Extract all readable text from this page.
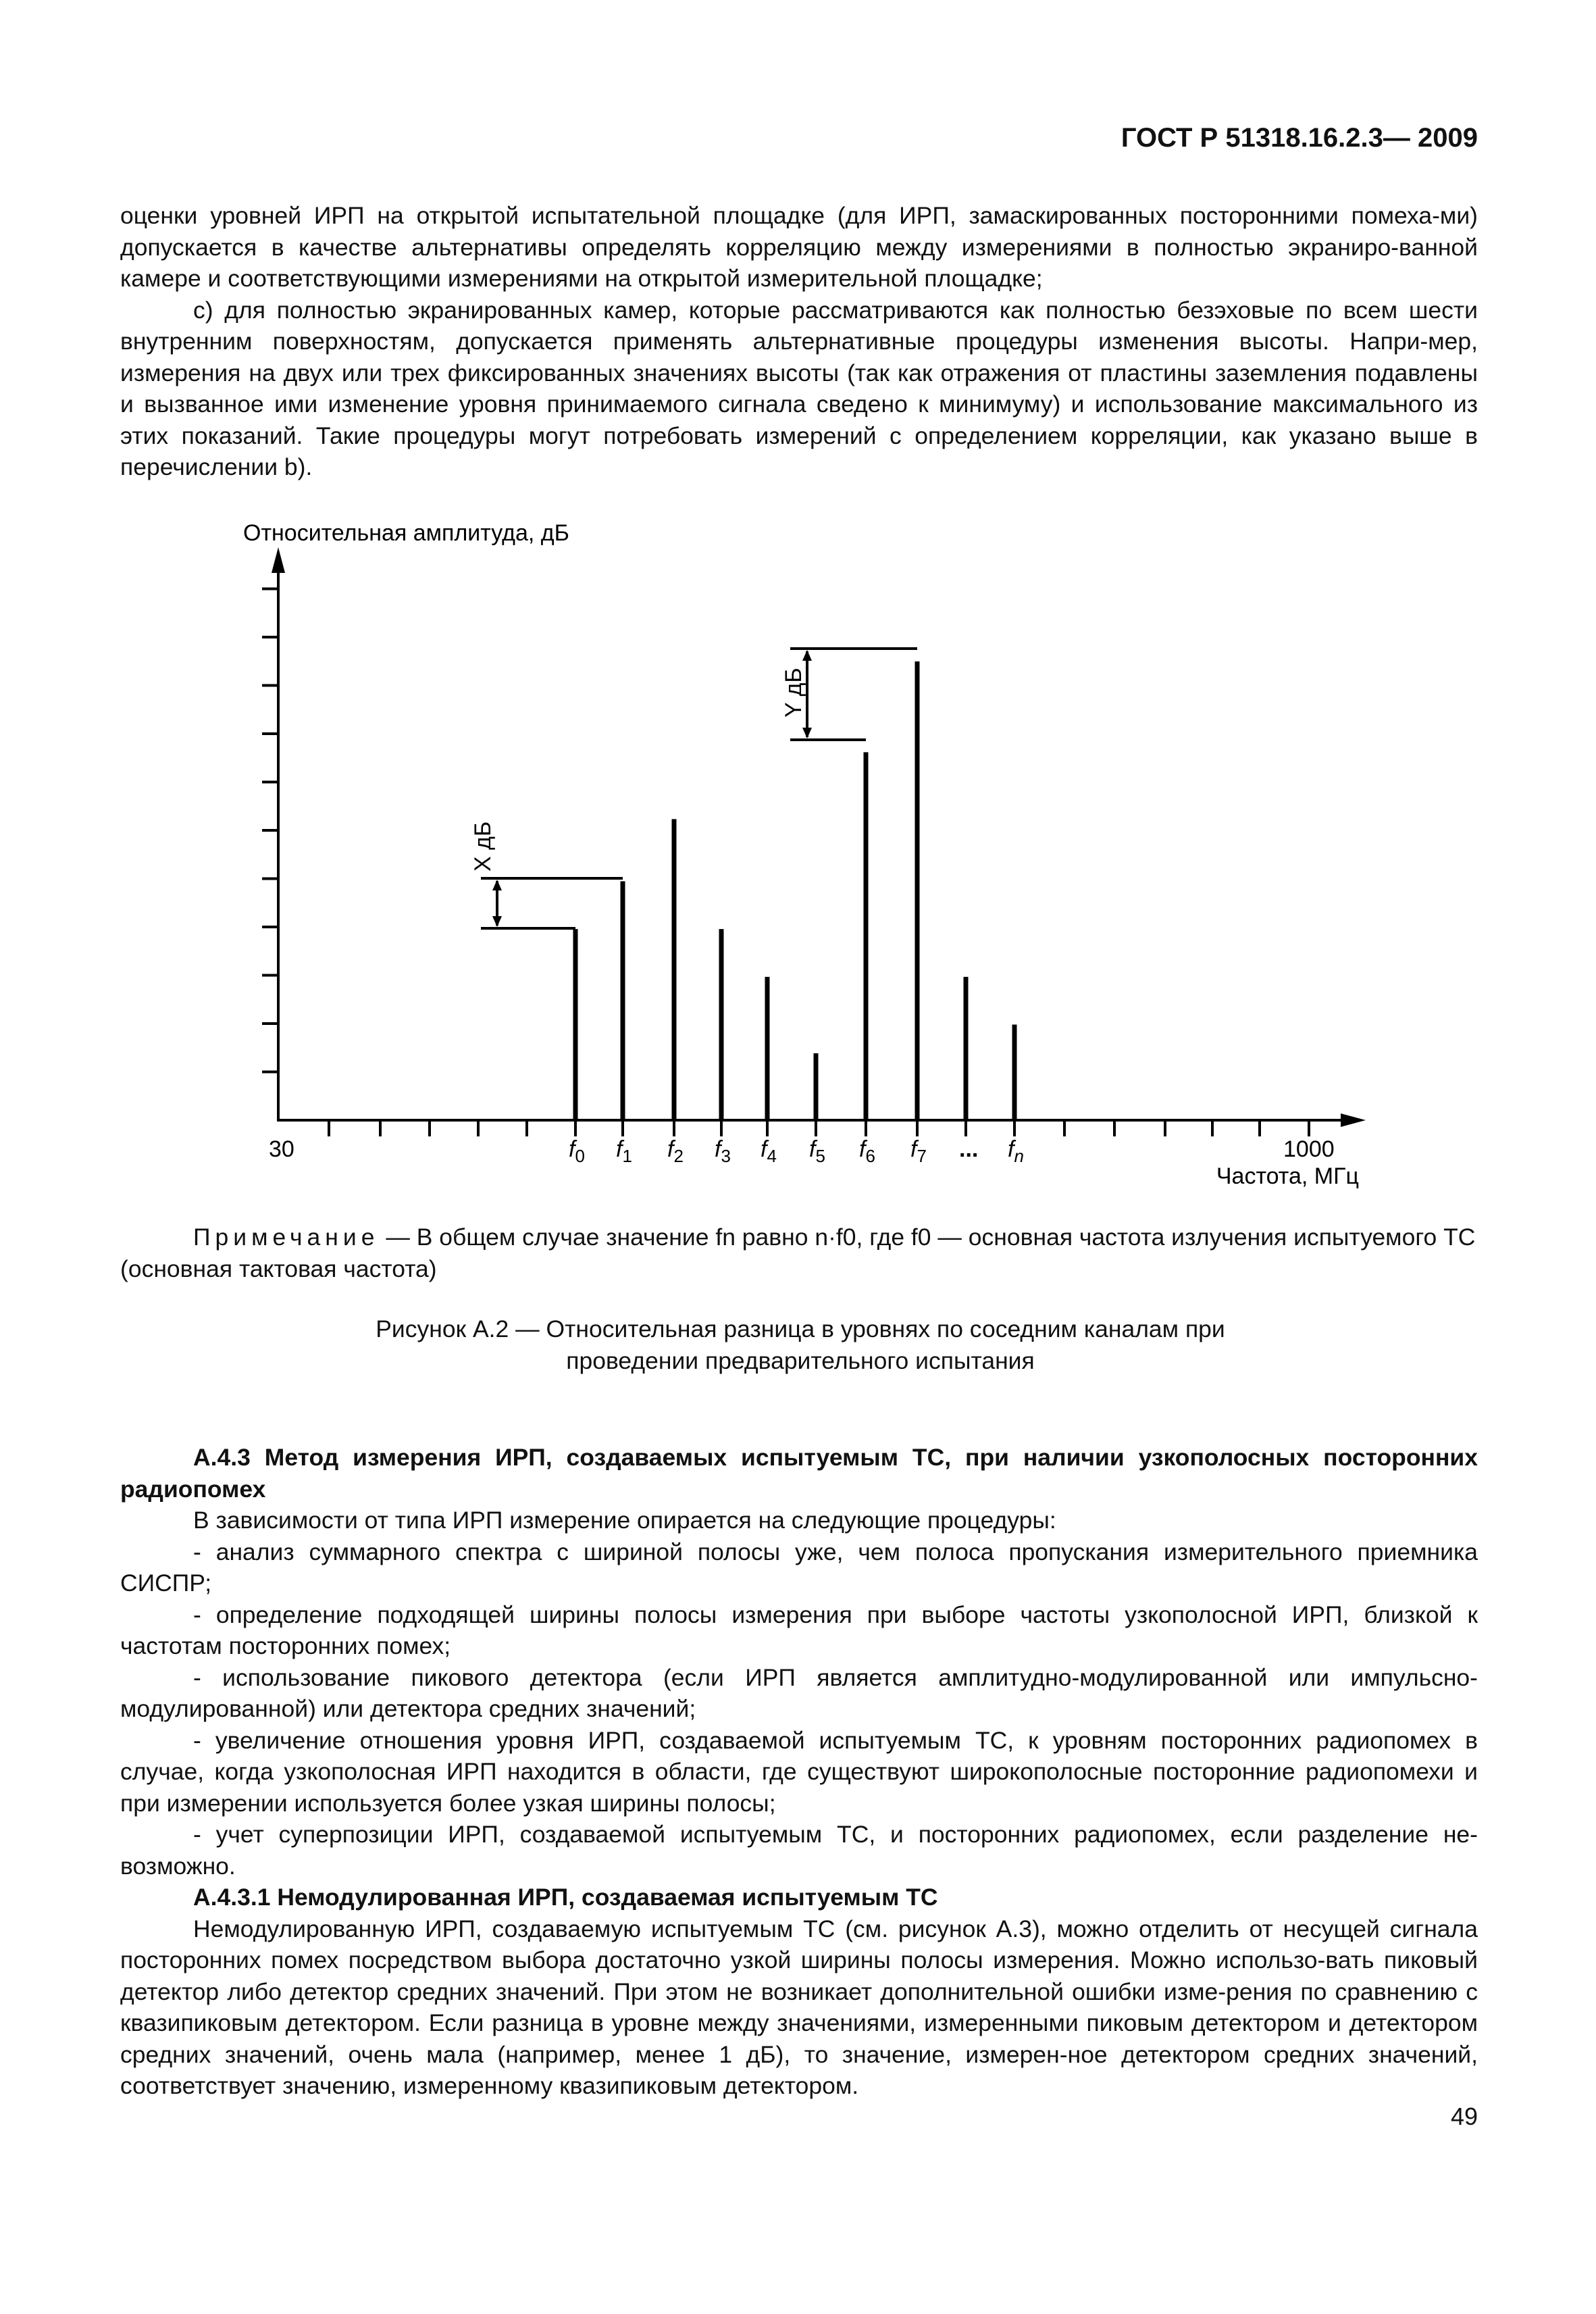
ГОСТ Р 51318.16.2.3— 2009

оценки уровней ИРП на открытой испытательной площадке (для ИРП, замаскированных посторонними помеха-ми) допускается в качестве альтернативы определять корреляцию между измерениями в полностью экраниро-ванной камере и соответствующими измерениями на открытой измерительной площадке;

с) для полностью экранированных камер, которые рассматриваются как полностью безэховые по всем шести внутренним поверхностям, допускается применять альтернативные процедуры изменения высоты. Напри-мер, измерения на двух или трех фиксированных значениях высоты (так как отражения от пластины заземления подавлены и вызванное ими изменение уровня принимаемого сигнала сведено к минимуму) и использование максимального из этих показаний. Такие процедуры могут потребовать измерений с определением корреляции, как указано выше в перечислении b).

$f_0$ $f_1$ $f_2$ $f_3$ $f_4$ $f_5$ $f_6$ $f_7$ ... $f_n$
X дБ
Y дБ
Относительная амплитуда, дБ
30	1000
Частота, МГц
Примечание — В общем случае значение fn равно n·f0, где f0 — основная частота излучения испытуемого ТС (основная тактовая частота)
Рисунок А.2 — Относительная разница в уровнях по соседним каналам при
проведении предварительного испытания

А.4.3 Метод измерения ИРП, создаваемых испытуемым ТС, при наличии узкополосных посторонних радиопомех

В зависимости от типа ИРП измерение опирается на следующие процедуры:

- анализ суммарного спектра с шириной полосы уже, чем полоса пропускания измерительного приемника СИСПР;

- определение подходящей ширины полосы измерения при выборе частоты узкополосной ИРП, близкой к частотам посторонних помех;

- использование пикового детектора (если ИРП является амплитудно-модулированной или импульсно-модулированной) или детектора средних значений;

- увеличение отношения уровня ИРП, создаваемой испытуемым ТС, к уровням посторонних радиопомех в случае, когда узкополосная ИРП находится в области, где существуют широкополосные посторонние радиопомехи и при измерении используется более узкая ширины полосы;

- учет суперпозиции ИРП, создаваемой испытуемым ТС, и посторонних радиопомех, если разделение не-возможно.

А.4.3.1 Немодулированная ИРП, создаваемая испытуемым ТС

Немодулированную ИРП, создаваемую испытуемым ТС (см. рисунок А.3), можно отделить от несущей сигнала посторонних помех посредством выбора достаточно узкой ширины полосы измерения. Можно использо-вать пиковый детектор либо детектор средних значений. При этом не возникает дополнительной ошибки изме-рения по сравнению с квазипиковым детектором. Если разница в уровне между значениями, измеренными пиковым детектором и детектором средних значений, очень мала (например, менее 1 дБ), то значение, измерен-ное детектором средних значений, соответствует значению, измеренному квазипиковым детектором.

49
